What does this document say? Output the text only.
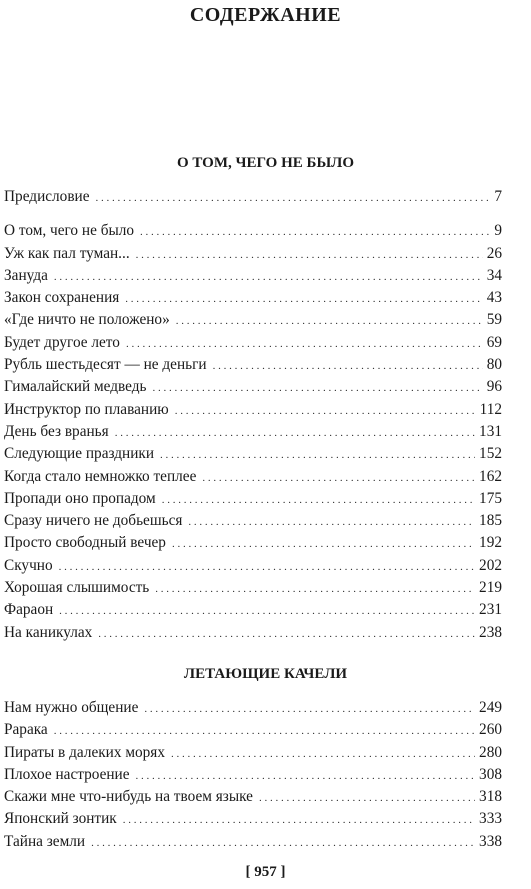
СОДЕРЖАНИЕ
О ТОМ, ЧЕГО НЕ БЫЛО
Предисловие . . .	7
О том, чего не было . . .	9
Уж как пал туман... . . .	26
Зануда . . .	34
Закон сохранения . . .	43
«Где ничто не положено» . . .	59
Будет другое лето . . .	69
Рубль шестьдесят — не деньги . . .	80
Гималайский медведь . . .	96
Инструктор по плаванию . . .	112
День без вранья . . .	131
Следующие праздники . . .	152
Когда стало немножко теплее . . .	162
Пропади оно пропадом . . .	175
Сразу ничего не добьешься . . .	185
Просто свободный вечер . . .	192
Скучно . . .	202
Хорошая слышимость . . .	219
Фараон . . .	231
На каникулах . . .	238
ЛЕТАЮЩИЕ КАЧЕЛИ
Нам нужно общение . . .	249
Рарака . . .	260
Пираты в далеких морях . . .	280
Плохое настроение . . .	308
Скажи мне что-нибудь на твоем языке . . .	318
Японский зонтик . . .	333
Тайна земли . . .	338
[ 957 ]
